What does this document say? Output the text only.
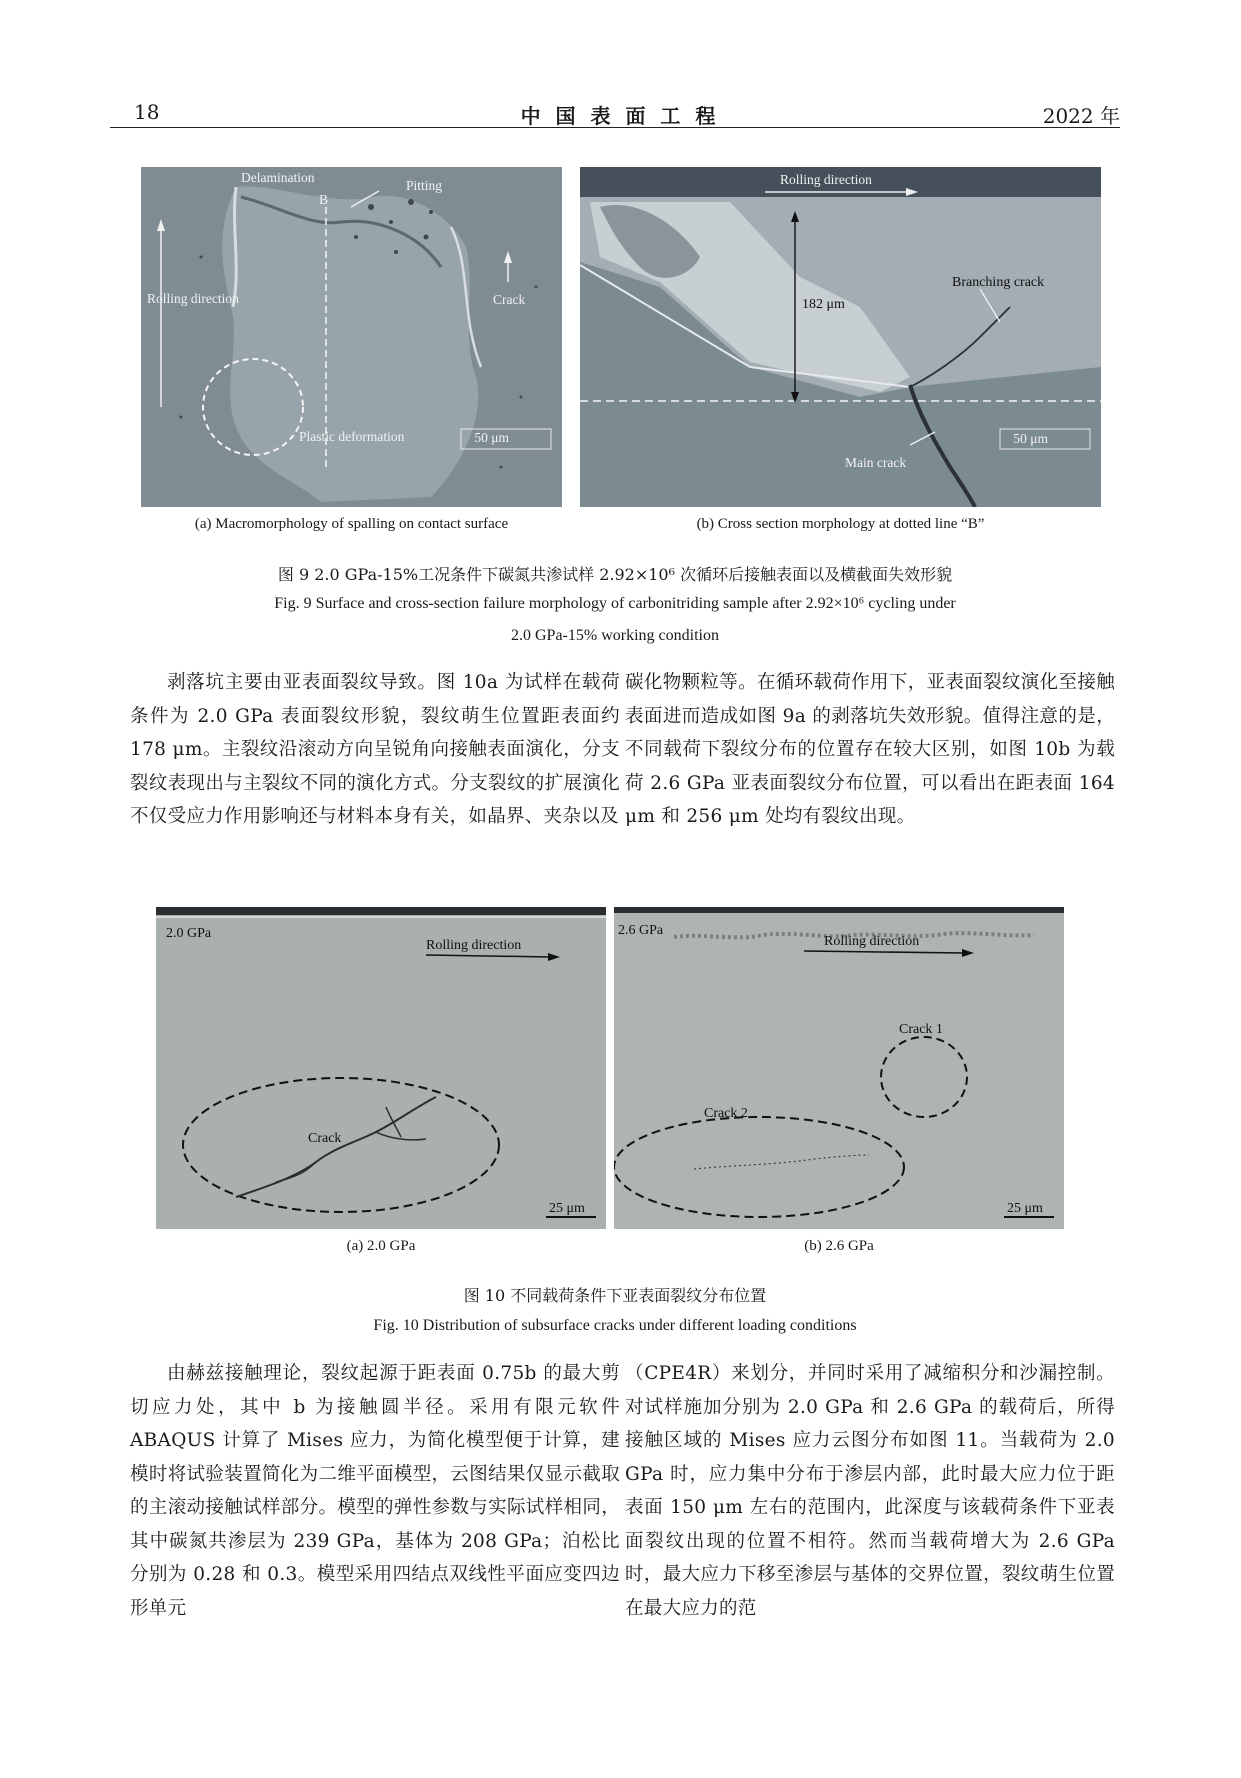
18	中 国 表 面 工 程	2022 年
Delamination
Pitting
B
Rolling direction	Crack
Plastic deformation	50 μm
(a) Macromorphology of spalling on contact surface
Rolling direction
182 μm
Branching crack
Main crack
50 μm
(b) Cross section morphology at dotted line “B”
图 9 2.0 GPa-15%工况条件下碳氮共渗试样 2.92×10⁶ 次循环后接触表面以及横截面失效形貌
Fig. 9 Surface and cross-section failure morphology of carbonitriding sample after 2.92×10⁶ cycling under
2.0 GPa-15% working condition
剥落坑主要由亚表面裂纹导致。图 10a 为试样在载荷条件为 2.0 GPa 表面裂纹形貌，裂纹萌生位置距表面约 178 μm。主裂纹沿滚动方向呈锐角向接触表面演化，分支裂纹表现出与主裂纹不同的演化方式。分支裂纹的扩展演化不仅受应力作用影响还与材料本身有关，如晶界、夹杂以及
碳化物颗粒等。在循环载荷作用下，亚表面裂纹演化至接触表面进而造成如图 9a 的剥落坑失效形貌。值得注意的是，不同载荷下裂纹分布的位置存在较大区别，如图 10b 为载荷 2.6 GPa 亚表面裂纹分布位置，可以看出在距表面 164 μm 和 256 μm 处均有裂纹出现。
2.0 GPa
Rolling direction
Crack
25 μm
(a) 2.0 GPa
2.6 GPa
Rolling direction
Crack 1
Crack 2
25 μm
(b) 2.6 GPa
图 10 不同载荷条件下亚表面裂纹分布位置
Fig. 10 Distribution of subsurface cracks under different loading conditions
由赫兹接触理论，裂纹起源于距表面 0.75b 的最大剪切应力处，其中 b 为接触圆半径。采用有限元软件 ABAQUS 计算了 Mises 应力，为简化模型便于计算，建模时将试验装置简化为二维平面模型，云图结果仅显示截取的主滚动接触试样部分。模型的弹性参数与实际试样相同，其中碳氮共渗层为 239 GPa，基体为 208 GPa；泊松比分别为 0.28 和 0.3。模型采用四结点双线性平面应变四边形单元
（CPE4R）来划分，并同时采用了减缩积分和沙漏控制。对试样施加分别为 2.0 GPa 和 2.6 GPa 的载荷后，所得接触区域的 Mises 应力云图分布如图 11。当载荷为 2.0 GPa 时，应力集中分布于渗层内部，此时最大应力位于距表面 150 μm 左右的范围内，此深度与该载荷条件下亚表面裂纹出现的位置不相符。然而当载荷增大为 2.6 GPa 时，最大应力下移至渗层与基体的交界位置，裂纹萌生位置在最大应力的范
